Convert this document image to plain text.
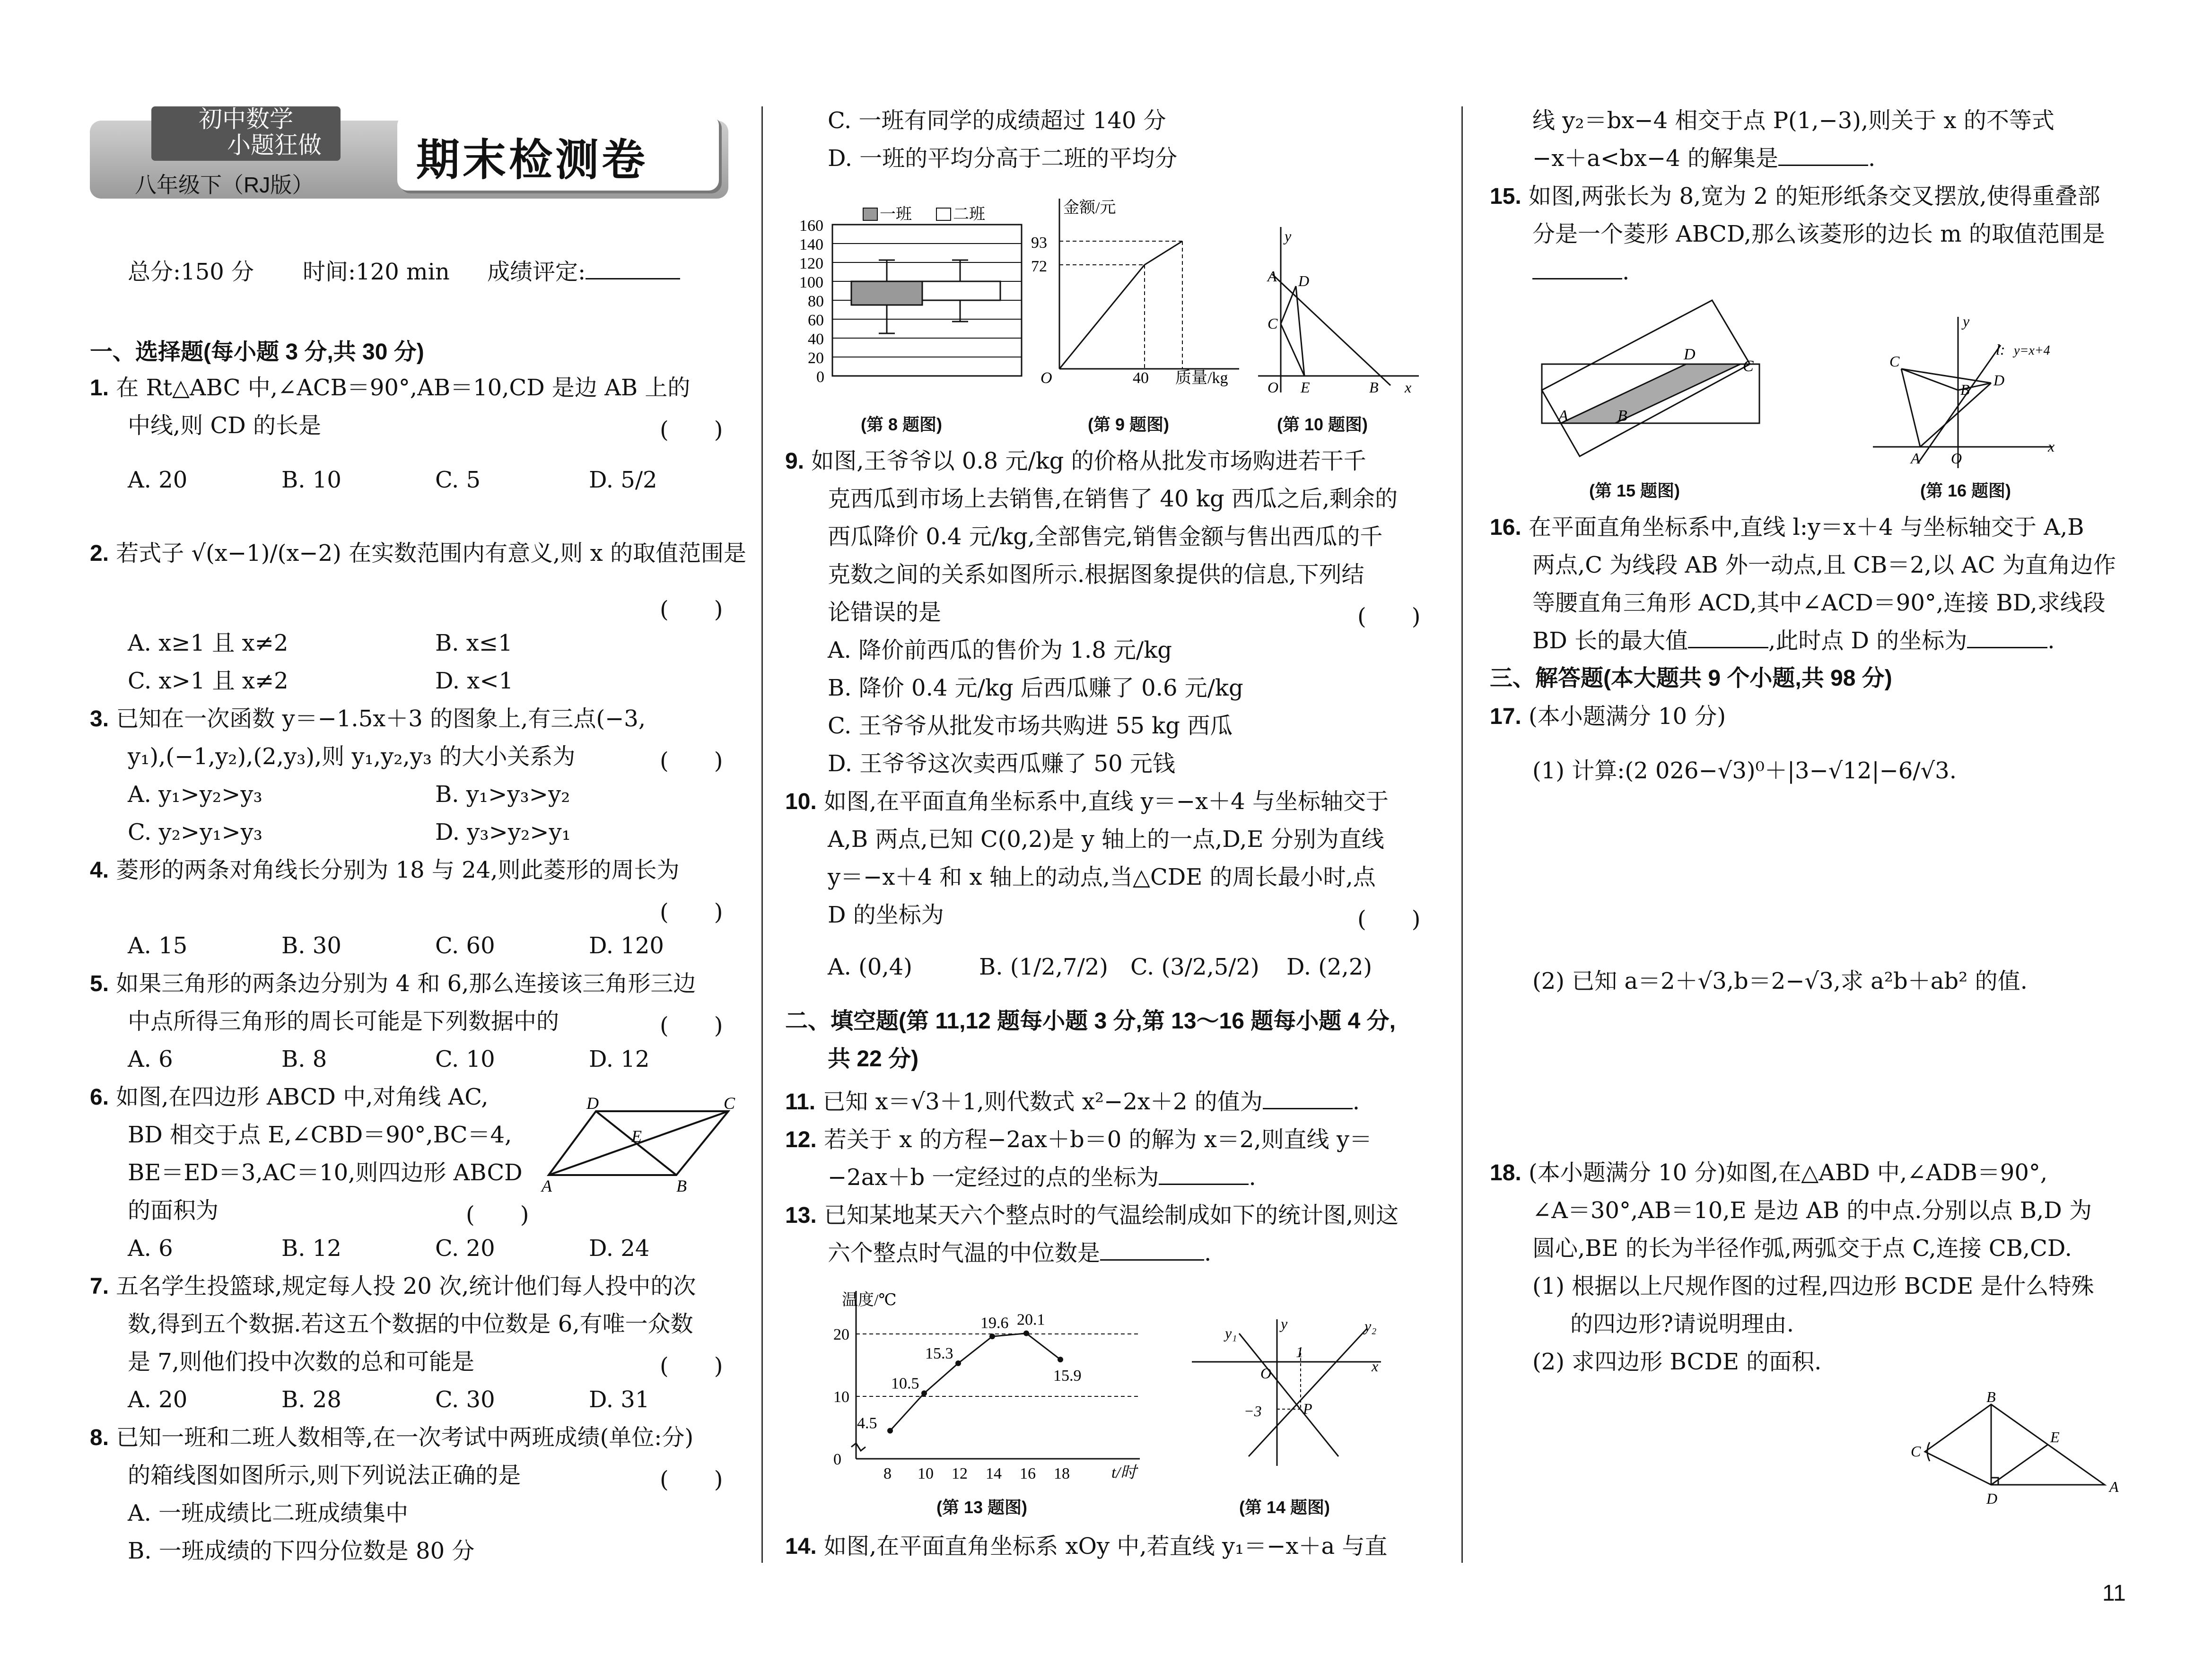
初中数学
小题狂做
八年级下（RJ版）
期末检测卷
总分:150 分 时间:120 min 成绩评定:
一、选择题(每小题 3 分,共 30 分)
1. 在 Rt△ABC 中,∠ACB＝90°,AB＝10,CD 是边 AB 上的
中线,则 CD 的长是	(　　)
A. 20	B. 10	C. 5	D. 5/2
2. 若式子 √(x−1)/(x−2) 在实数范围内有意义,则 x 的取值范围是
(　　)
A. x≥1 且 x≠2	B. x≤1
C. x>1 且 x≠2	D. x<1
3. 已知在一次函数 y＝−1.5x＋3 的图象上,有三点(−3,
y₁),(−1,y₂),(2,y₃),则 y₁,y₂,y₃ 的大小关系为	(　　)
A. y₁>y₂>y₃	B. y₁>y₃>y₂
C. y₂>y₁>y₃	D. y₃>y₂>y₁
4. 菱形的两条对角线长分别为 18 与 24,则此菱形的周长为
(　　)
A. 15	B. 30	C. 60	D. 120
5. 如果三角形的两条边分别为 4 和 6,那么连接该三角形三边
中点所得三角形的周长可能是下列数据中的	(　　)
A. 6	B. 8	C. 10	D. 12
6. 如图,在四边形 ABCD 中,对角线 AC,
BD 相交于点 E,∠CBD＝90°,BC＝4,
BE＝ED＝3,AC＝10,则四边形 ABCD
的面积为	(　　)
D	C
E
A	B
A. 6	B. 12	C. 20	D. 24
7. 五名学生投篮球,规定每人投 20 次,统计他们每人投中的次
数,得到五个数据.若这五个数据的中位数是 6,有唯一众数
是 7,则他们投中次数的总和可能是	(　　)
A. 20	B. 28	C. 30	D. 31
8. 已知一班和二班人数相等,在一次考试中两班成绩(单位:分)
的箱线图如图所示,则下列说法正确的是	(　　)
A. 一班成绩比二班成绩集中
B. 一班成绩的下四分位数是 80 分
C. 一班有同学的成绩超过 140 分
D. 一班的平均分高于二班的平均分
160
140
120
100
80
60
40
20
0
一班	二班
(第 8 题图)
金额/元
93
72
O	40 质量/kg
(第 9 题图)
y
A D
C
O E	B x
(第 10 题图)
9. 如图,王爷爷以 0.8 元/kg 的价格从批发市场购进若干千
克西瓜到市场上去销售,在销售了 40 kg 西瓜之后,剩余的
西瓜降价 0.4 元/kg,全部售完,销售金额与售出西瓜的千
克数之间的关系如图所示.根据图象提供的信息,下列结
论错误的是	(　　)
A. 降价前西瓜的售价为 1.8 元/kg
B. 降价 0.4 元/kg 后西瓜赚了 0.6 元/kg
C. 王爷爷从批发市场共购进 55 kg 西瓜
D. 王爷爷这次卖西瓜赚了 50 元钱
10. 如图,在平面直角坐标系中,直线 y＝−x＋4 与坐标轴交于
A,B 两点,已知 C(0,2)是 y 轴上的一点,D,E 分别为直线
y＝−x＋4 和 x 轴上的动点,当△CDE 的周长最小时,点
D 的坐标为	(　　)
A. (0,4)	B. (1/2,7/2) C. (3/2,5/2) D. (2,2)
二、填空题(第 11,12 题每小题 3 分,第 13～16 题每小题 4 分,
共 22 分)
11. 已知 x＝√3＋1,则代数式 x²−2x＋2 的值为	.
12. 若关于 x 的方程−2ax＋b＝0 的解为 x＝2,则直线 y＝
−2ax＋b 一定经过的点的坐标为	.
13. 已知某地某天六个整点时的气温绘制成如下的统计图,则这
六个整点时气温的中位数是	.
温度/℃
t/时
0
10
20
8 10 12 14 16 18
4.5
10.5
15.3
19.6 20.1
15.9
(第 13 题图)
y
y₁	y₂
O
1
x
−3	P
(第 14 题图)
14. 如图,在平面直角坐标系 xOy 中,若直线 y₁＝−x＋a 与直
线 y₂＝bx−4 相交于点 P(1,−3),则关于 x 的不等式
−x＋a<bx−4 的解集是	.
15. 如图,两张长为 8,宽为 2 的矩形纸条交叉摆放,使得重叠部
分是一个菱形 ABCD,那么该菱形的边长 m 的取值范围是
.
D
C
A	B
(第 15 题图)
y
l: y=x+4
C
B
D
A O
x
(第 16 题图)
16. 在平面直角坐标系中,直线 l:y＝x＋4 与坐标轴交于 A,B
两点,C 为线段 AB 外一动点,且 CB＝2,以 AC 为直角边作
等腰直角三角形 ACD,其中∠ACD＝90°,连接 BD,求线段
BD 长的最大值	,此时点 D 的坐标为	.
三、解答题(本大题共 9 个小题,共 98 分)
17. (本小题满分 10 分)
(1) 计算:(2 026−√3)⁰＋|3−√12|−6/√3.
(2) 已知 a＝2＋√3,b＝2−√3,求 a²b＋ab² 的值.
18. (本小题满分 10 分)如图,在△ABD 中,∠ADB＝90°,
∠A＝30°,AB＝10,E 是边 AB 的中点.分别以点 B,D 为
圆心,BE 的长为半径作弧,两弧交于点 C,连接 CB,CD.
(1) 根据以上尺规作图的过程,四边形 BCDE 是什么特殊
的四边形?请说明理由.
(2) 求四边形 BCDE 的面积.
B
C
E
D
A
11
